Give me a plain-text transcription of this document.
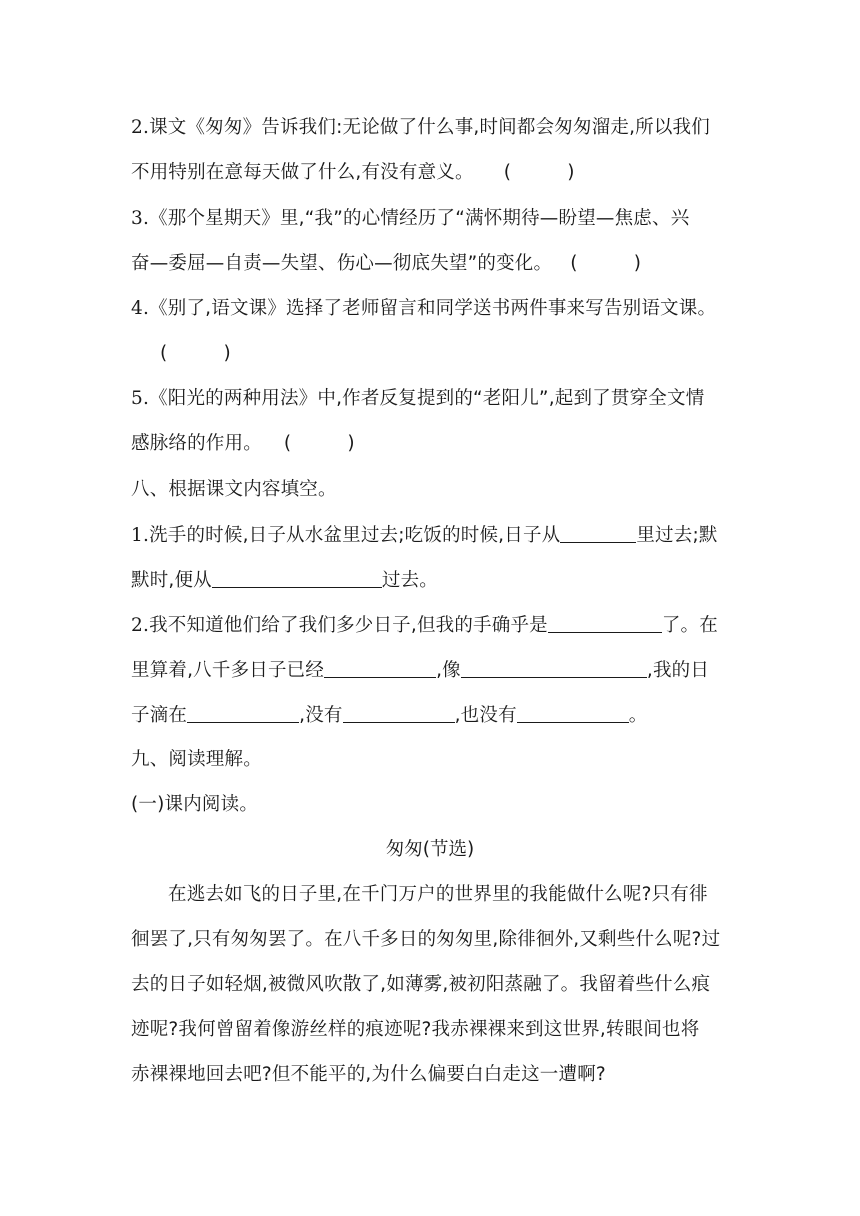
2.课文《匆匆》告诉我们:无论做了什么事,时间都会匆匆溜走,所以我们
不用特别在意每天做了什么,有没有意义。 (　　　)
3.《那个星期天》里,“我”的心情经历了“满怀期待—盼望—焦虑、兴
奋—委屈—自责—失望、伤心—彻底失望”的变化。 (　　　)
4.《别了,语文课》选择了老师留言和同学送书两件事来写告别语文课。
(　　　)
5.《阳光的两种用法》中,作者反复提到的“老阳儿”,起到了贯穿全文情
感脉络的作用。 (　　　)
八、根据课文内容填空。
1.洗手的时候,日子从水盆里过去;吃饭的时候,日子从	里过去;默
默时,便从	过去。
2.我不知道他们给了我们多少日子,但我的手确乎是	了。在
里算着,八千多日子已经	,像	,我的日
子滴在	,没有	,也没有	。
九、阅读理解。
(一)课内阅读。
匆匆(节选)
在逃去如飞的日子里,在千门万户的世界里的我能做什么呢?只有徘
徊罢了,只有匆匆罢了。在八千多日的匆匆里,除徘徊外,又剩些什么呢?过
去的日子如轻烟,被微风吹散了,如薄雾,被初阳蒸融了。我留着些什么痕
迹呢?我何曾留着像游丝样的痕迹呢?我赤裸裸来到这世界,转眼间也将
赤裸裸地回去吧?但不能平的,为什么偏要白白走这一遭啊?
